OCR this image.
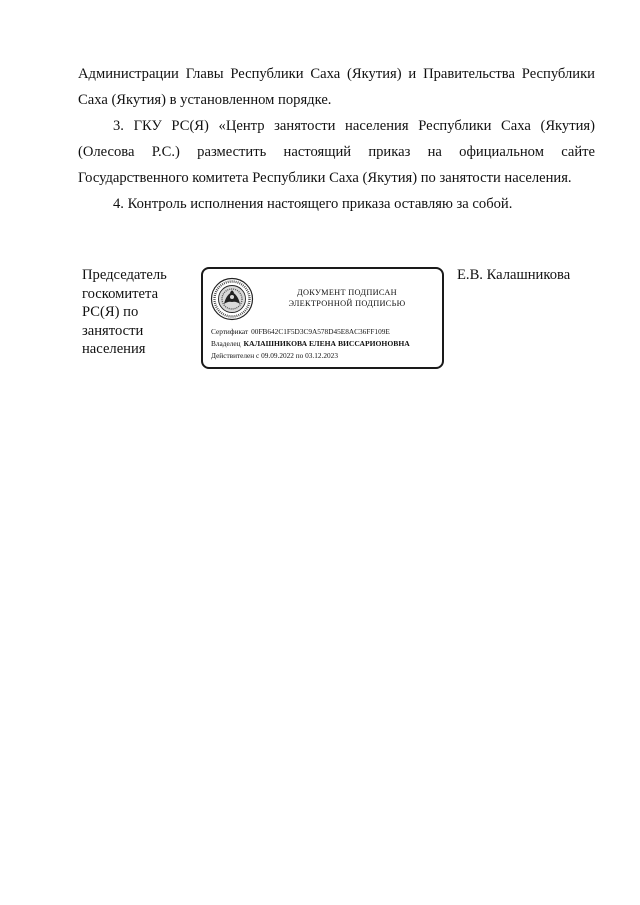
Администрации Главы Республики Саха (Якутия) и Правительства Республики Саха (Якутия) в установленном порядке.

3. ГКУ РС(Я) «Центр занятости населения Республики Саха (Якутия) (Олесова Р.С.) разместить настоящий приказ на официальном сайте Государственного комитета Республики Саха (Якутия) по занятости населения.

4. Контроль исполнения настоящего приказа оставляю за собой.

Председатель госкомитета РС(Я) по занятости населения

ДОКУМЕНТ ПОДПИСАН
ЭЛЕКТРОННОЙ ПОДПИСЬЮ
Сертификат 00FB642C1F5D3C9A578D45E8AC36FF109E
Владелец КАЛАШНИКОВА ЕЛЕНА ВИССАРИОНОВНА
Действителен с 09.09.2022 по 03.12.2023

Е.В. Калашникова
